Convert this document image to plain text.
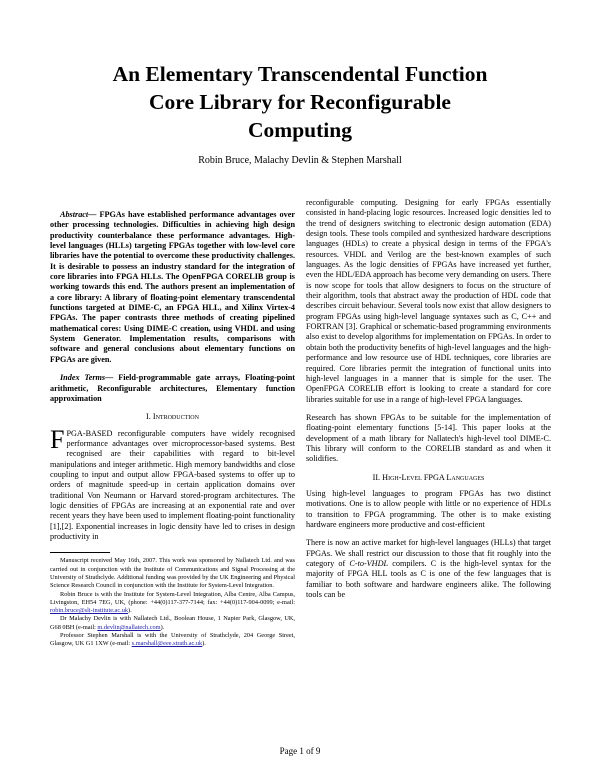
An Elementary Transcendental Function
Core Library for Reconfigurable
Computing
Robin Bruce, Malachy Devlin & Stephen Marshall

Abstract— FPGAs have established performance advantages over other processing technologies. Difficulties in achieving high design productivity counterbalance these performance advantages. High-level languages (HLLs) targeting FPGAs together with low-level core libraries have the potential to overcome these productivity challenges. It is desirable to possess an industry standard for the integration of core libraries into FPGA HLLs. The OpenFPGA CORELIB group is working towards this end. The authors present an implementation of a core library: A library of floating-point elementary transcendental functions targeted at DIME-C, an FPGA HLL, and Xilinx Virtex-4 FPGAs. The paper contrasts three methods of creating pipelined mathematical cores: Using DIME-C creation, using VHDL and using System Generator. Implementation results, comparisons with software and general conclusions about elementary functions on FPGAs are given.

Index Terms— Field-programmable gate arrays, Floating-point arithmetic, Reconfigurable architectures, Elementary function approximation

I. Introduction

FPGA-BASED reconfigurable computers have widely recognised performance advantages over microprocessor-based systems. Best recognised are their capabilities with regard to bit-level manipulations and integer arithmetic. High memory bandwidths and close coupling to input and output allow FPGA-based systems to offer up to orders of magnitude speed-up in certain application domains over traditional Von Neumann or Harvard stored-program architectures. The logic densities of FPGAs are increasing at an exponential rate and over recent years they have been used to implement floating-point functionality [1],[2]. Exponential increases in logic density have led to crises in design productivity in

Manuscript received May 16th, 2007. This work was sponsored by Nallatech Ltd. and was carried out in conjunction with the Institute of Communications and Signal Processing at the University of Strathclyde. Additional funding was provided by the UK Engineering and Physical Science Research Council in conjunction with the Institute for System-Level Integration.

Robin Bruce is with the Institute for System-Level Integration, Alba Centre, Alba Campus, Livingston, EH54 7EG, UK, (phone: +44(0)117-377-7144; fax: +44(0)117-904-0099; e-mail: robin.bruce@sli-institute.ac.uk).

Dr Malachy Devlin is with Nallatech Ltd., Boolean House, 1 Napier Park, Glasgow, UK, G68 0BH (e-mail: m.devlin@nallatech.com).

Professor Stephen Marshall is with the University of Strathclyde, 204 George Street, Glasgow, UK G1 1XW (e-mail: s.marshall@eee.strath.ac.uk).

reconfigurable computing. Designing for early FPGAs essentially consisted in hand-placing logic resources. Increased logic densities led to the trend of designers switching to electronic design automation (EDA) design tools. These tools compiled and synthesized hardware descriptions languages (HDLs) to create a physical design in terms of the FPGA's resources. VHDL and Verilog are the best-known examples of such languages. As the logic densities of FPGAs have increased yet further, even the HDL/EDA approach has become very demanding on users. There is now scope for tools that allow designers to focus on the structure of their algorithm, tools that abstract away the production of HDL code that describes circuit behaviour. Several tools now exist that allow designers to program FPGAs using high-level language syntaxes such as C, C++ and FORTRAN [3]. Graphical or schematic-based programming environments also exist to develop algorithms for implementation on FPGAs. In order to obtain both the productivity benefits of high-level languages and the high-performance and low resource use of HDL techniques, core libraries are required. Core libraries permit the integration of functional units into high-level languages in a manner that is simple for the user. The OpenFPGA CORELIB effort is looking to create a standard for core libraries suitable for use in a range of high-level FPGA languages.

Research has shown FPGAs to be suitable for the implementation of floating-point elementary functions [5-14]. This paper looks at the development of a math library for Nallatech's high-level tool DIME-C. This library will conform to the CORELIB standard as and when it solidifies.

II. High-Level FPGA Languages

Using high-level languages to program FPGAs has two distinct motivations. One is to allow people with little or no experience of HDLs to transition to FPGA programming. The other is to make existing hardware engineers more productive and cost-efficient

There is now an active market for high-level languages (HLLs) that target FPGAs. We shall restrict our discussion to those that fit roughly into the category of C-to-VHDL compilers. C is the high-level syntax for the majority of FPGA HLL tools as C is one of the few languages that is familiar to both software and hardware engineers alike. The following tools can be

Page 1 of 9
